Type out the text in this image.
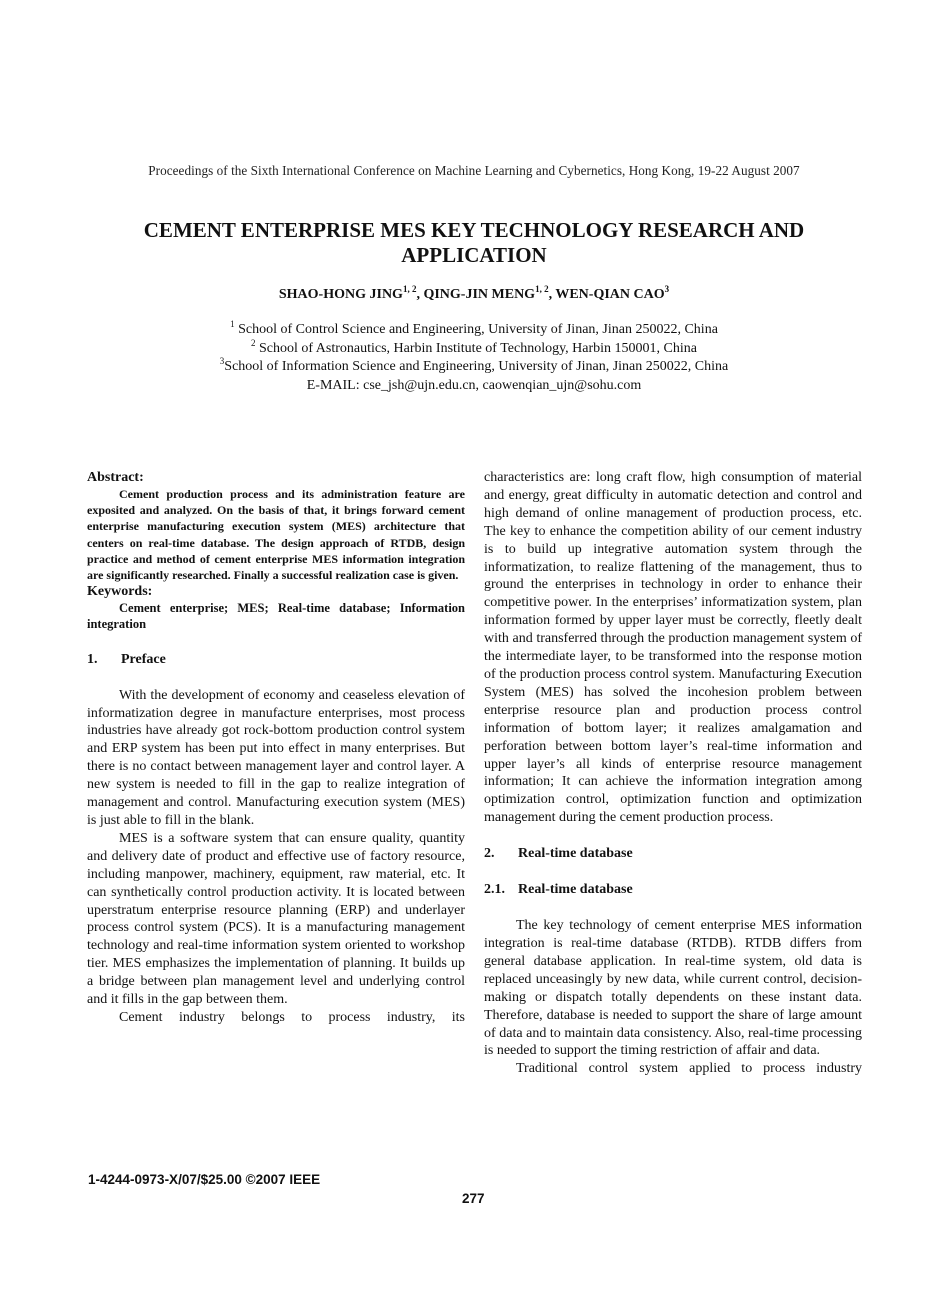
Proceedings of the Sixth International Conference on Machine Learning and Cybernetics, Hong Kong, 19-22 August 2007
CEMENT ENTERPRISE MES KEY TECHNOLOGY RESEARCH AND
APPLICATION
SHAO-HONG JING$^{1, 2}$, QING-JIN MENG$^{1, 2}$, WEN-QIAN CAO$^3$
$^1$ School of Control Science and Engineering, University of Jinan, Jinan 250022, China
$^2$ School of Astronautics, Harbin Institute of Technology, Harbin 150001, China
$^3$School of Information Science and Engineering, University of Jinan, Jinan 250022, China
E-MAIL: cse_jsh@ujn.edu.cn, caowenqian_ujn@sohu.com

Abstract:

Cement production process and its administration feature are exposited and analyzed. On the basis of that, it brings forward cement enterprise manufacturing execution system (MES) architecture that centers on real-time database. The design approach of RTDB, design practice and method of cement enterprise MES information integration are significantly researched. Finally a successful realization case is given.

Keywords:

Cement enterprise; MES; Real-time database; Information integration

1. Preface

With the development of economy and ceaseless elevation of informatization degree in manufacture enterprises, most process industries have already got rock-bottom production control system and ERP system has been put into effect in many enterprises. But there is no contact between management layer and control layer. A new system is needed to fill in the gap to realize integration of management and control. Manufacturing execution system (MES) is just able to fill in the blank.

MES is a software system that can ensure quality, quantity and delivery date of product and effective use of factory resource, including manpower, machinery, equipment, raw material, etc. It can synthetically control production activity. It is located between uperstratum enterprise resource planning (ERP) and underlayer process control system (PCS). It is a manufacturing management technology and real-time information system oriented to workshop tier. MES emphasizes the implementation of planning. It builds up a bridge between plan management level and underlying control and it fills in the gap between them.

Cement industry belongs to process industry, its

characteristics are: long craft flow, high consumption of material and energy, great difficulty in automatic detection and control and high demand of online management of production process, etc. The key to enhance the competition ability of our cement industry is to build up integrative automation system through the informatization, to realize flattening of the management, thus to ground the enterprises in technology in order to enhance their competitive power. In the enterprises’ informatization system, plan information formed by upper layer must be correctly, fleetly dealt with and transferred through the production management system of the intermediate layer, to be transformed into the response motion of the production process control system. Manufacturing Execution System (MES) has solved the incohesion problem between enterprise resource plan and production process control information of bottom layer; it realizes amalgamation and perforation between bottom layer’s real-time information and upper layer’s all kinds of enterprise resource management information; It can achieve the information integration among optimization control, optimization function and optimization management during the cement production process.

2. Real-time database
2.1. Real-time database

The key technology of cement enterprise MES information integration is real-time database (RTDB). RTDB differs from general database application. In real-time system, old data is replaced unceasingly by new data, while current control, decision-making or dispatch totally dependents on these instant data. Therefore, database is needed to support the share of large amount of data and to maintain data consistency. Also, real-time processing is needed to support the timing restriction of affair and data.

Traditional control system applied to process industry

1-4244-0973-X/07/$25.00 ©2007 IEEE
277
